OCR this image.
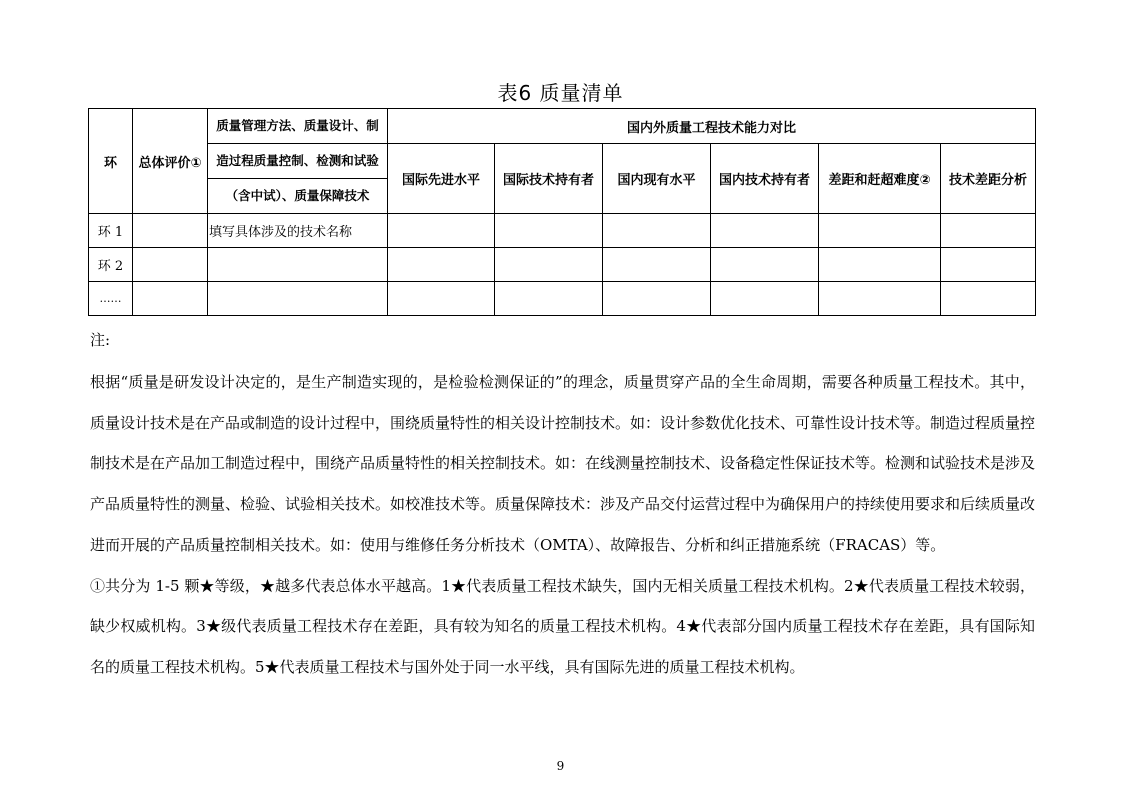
表6 质量清单
环	总体评价①	质量管理方法、质量设计、制	国内外质量工程技术能力对比					
		造过程质量控制、检测和试验	国际先进水平	国际技术持有者	国内现有水平	国内技术持有者	差距和赶超难度②	技术差距分析
		（含中试）、质量保障技术						
环 1		填写具体涉及的技术名称						
环 2								
……								
注:
根据“质量是研发设计决定的，是生产制造实现的，是检验检测保证的”的理念，质量贯穿产品的全生命周期，需要各种质量工程技术。其中，质量设计技术是在产品或制造的设计过程中，围绕质量特性的相关设计控制技术。如：设计参数优化技术、可靠性设计技术等。制造过程质量控制技术是在产品加工制造过程中，围绕产品质量特性的相关控制技术。如：在线测量控制技术、设备稳定性保证技术等。检测和试验技术是涉及产品质量特性的测量、检验、试验相关技术。如校准技术等。质量保障技术：涉及产品交付运营过程中为确保用户的持续使用要求和后续质量改进而开展的产品质量控制相关技术。如：使用与维修任务分析技术（OMTA）、故障报告、分析和纠正措施系统（FRACAS）等。
①共分为 1-5 颗★等级，★越多代表总体水平越高。1★代表质量工程技术缺失，国内无相关质量工程技术机构。2★代表质量工程技术较弱，缺少权威机构。3★级代表质量工程技术存在差距，具有较为知名的质量工程技术机构。4★代表部分国内质量工程技术存在差距，具有国际知名的质量工程技术机构。5★代表质量工程技术与国外处于同一水平线，具有国际先进的质量工程技术机构。
9
